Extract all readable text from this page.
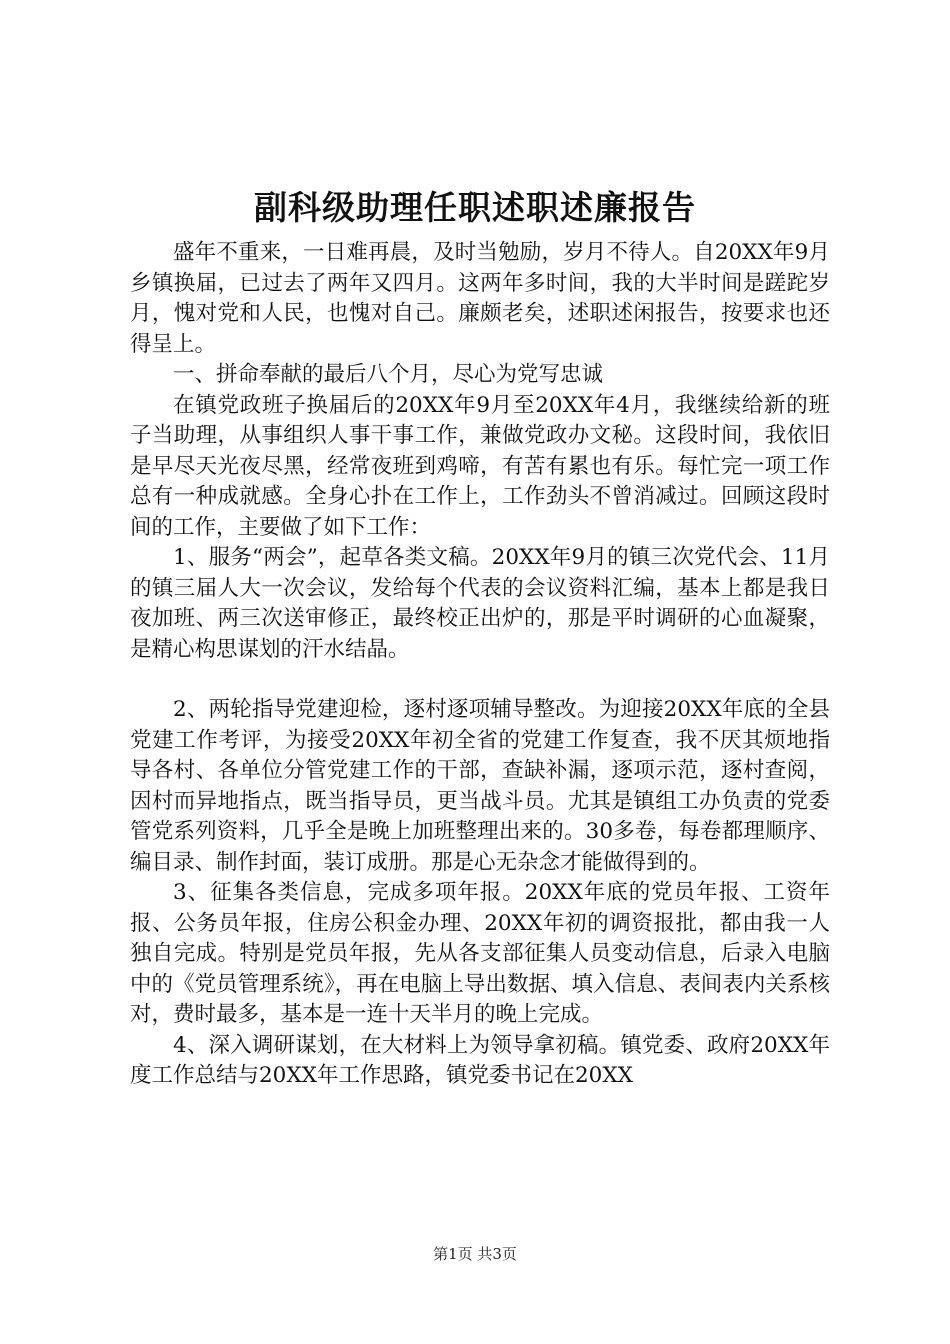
副科级助理任职述职述廉报告

盛年不重来，一日难再晨，及时当勉励，岁月不待人。自20XX年9月乡镇换届，已过去了两年又四月。这两年多时间，我的大半时间是蹉跎岁月，愧对党和人民，也愧对自己。廉颇老矣，述职述闲报告，按要求也还得呈上。

一、拼命奉献的最后八个月，尽心为党写忠诚

在镇党政班子换届后的20XX年9月至20XX年4月，我继续给新的班子当助理，从事组织人事干事工作，兼做党政办文秘。这段时间，我依旧是早尽天光夜尽黑，经常夜班到鸡啼，有苦有累也有乐。每忙完一项工作总有一种成就感。全身心扑在工作上，工作劲头不曾消减过。回顾这段时间的工作，主要做了如下工作：

1、服务“两会”，起草各类文稿。20XX年9月的镇三次党代会、11月的镇三届人大一次会议，发给每个代表的会议资料汇编，基本上都是我日夜加班、两三次送审修正，最终校正出炉的，那是平时调研的心血凝聚，是精心构思谋划的汗水结晶。

2、两轮指导党建迎检，逐村逐项辅导整改。为迎接20XX年底的全县党建工作考评，为接受20XX年初全省的党建工作复查，我不厌其烦地指导各村、各单位分管党建工作的干部，查缺补漏，逐项示范，逐村查阅，因村而异地指点，既当指导员，更当战斗员。尤其是镇组工办负责的党委管党系列资料，几乎全是晚上加班整理出来的。30多卷，每卷都理顺序、编目录、制作封面，装订成册。那是心无杂念才能做得到的。

3、征集各类信息，完成多项年报。20XX年底的党员年报、工资年报、公务员年报，住房公积金办理、20XX年初的调资报批，都由我一人独自完成。特别是党员年报，先从各支部征集人员变动信息，后录入电脑中的《党员管理系统》，再在电脑上导出数据、填入信息、表间表内关系核对，费时最多，基本是一连十天半月的晚上完成。

4、深入调研谋划，在大材料上为领导拿初稿。镇党委、政府20XX年度工作总结与20XX年工作思路，镇党委书记在20XX

第1页 共3页
